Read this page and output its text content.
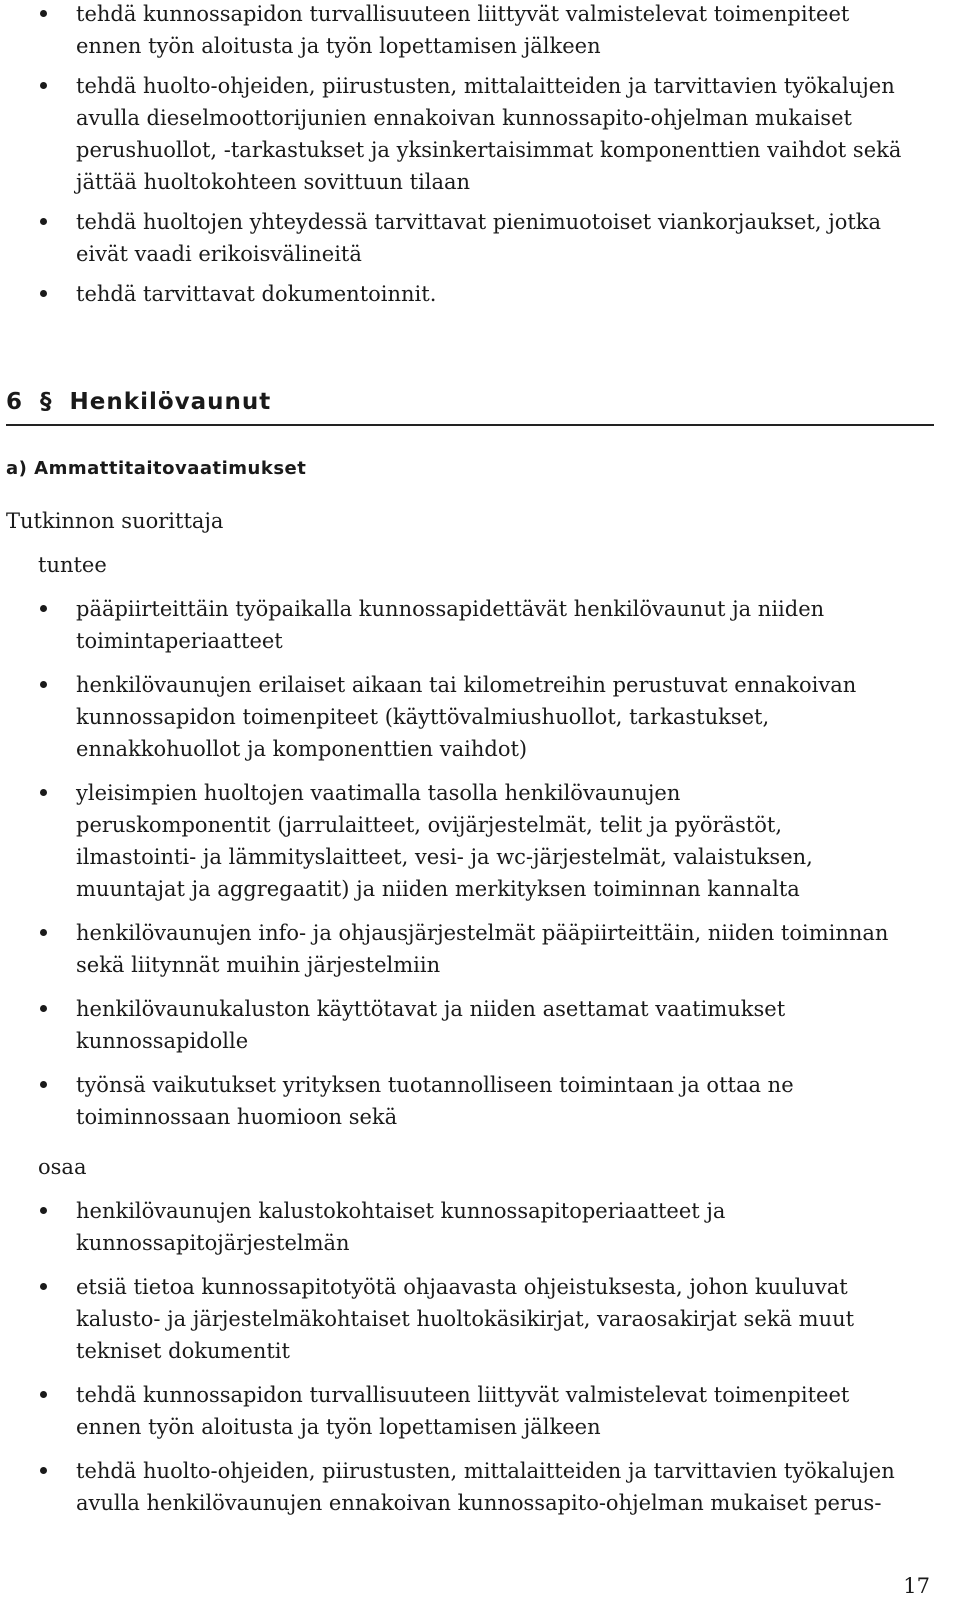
tehdä kunnossapidon turvallisuuteen liittyvät valmistelevat toimenpiteet ennen työn aloitusta ja työn lopettamisen jälkeen
tehdä huolto-ohjeiden, piirustusten, mittalaitteiden ja tarvittavien työkalujen avulla dieselmoottorijunien ennakoivan kunnossapito-ohjelman mukaiset perushuollot, -tarkastukset ja yksinkertaisimmat komponenttien vaihdot sekä jättää huoltokohteen sovittuun tilaan
tehdä huoltojen yhteydessä tarvittavat pienimuotoiset viankorjaukset, jotka eivät vaadi erikoisvälineitä
tehdä tarvittavat dokumentoinnit.
6 § Henkilövaunut
a) Ammattitaitovaatimukset
Tutkinnon suorittaja
tuntee
pääpiirteittäin työpaikalla kunnossapidettävät henkilövaunut ja niiden toimintaperiaatteet
henkilövaunujen erilaiset aikaan tai kilometreihin perustuvat ennakoivan kunnossapidon toimenpiteet (käyttövalmiushuollot, tarkastukset, ennakkohuollot ja komponenttien vaihdot)
yleisimpien huoltojen vaatimalla tasolla henkilövaunujen peruskomponentit (jarrulaitteet, ovijärjestelmät, telit ja pyörästöt, ilmastointi- ja lämmityslaitteet, vesi- ja wc-järjestelmät, valaistuksen, muuntajat ja aggregaatit) ja niiden merkityksen toiminnan kannalta
henkilövaunujen info- ja ohjausjärjestelmät pääpiirteittäin, niiden toiminnan sekä liitynnät muihin järjestelmiin
henkilövaunukaluston käyttötavat ja niiden asettamat vaatimukset kunnossapidolle
työnsä vaikutukset yrityksen tuotannolliseen toimintaan ja ottaa ne toiminnossaan huomioon sekä
osaa
henkilövaunujen kalustokohtaiset kunnossapitoperiaatteet ja kunnossapitojärjestelmän
etsiä tietoa kunnossapitotyötä ohjaavasta ohjeistuksesta, johon kuuluvat kalusto- ja järjestelmäkohtaiset huoltokäsikirjat, varaosakirjat sekä muut tekniset dokumentit
tehdä kunnossapidon turvallisuuteen liittyvät valmistelevat toimenpiteet ennen työn aloitusta ja työn lopettamisen jälkeen
tehdä huolto-ohjeiden, piirustusten, mittalaitteiden ja tarvittavien työkalujen avulla henkilövaunujen ennakoivan kunnossapito-ohjelman mukaiset perus-
17
